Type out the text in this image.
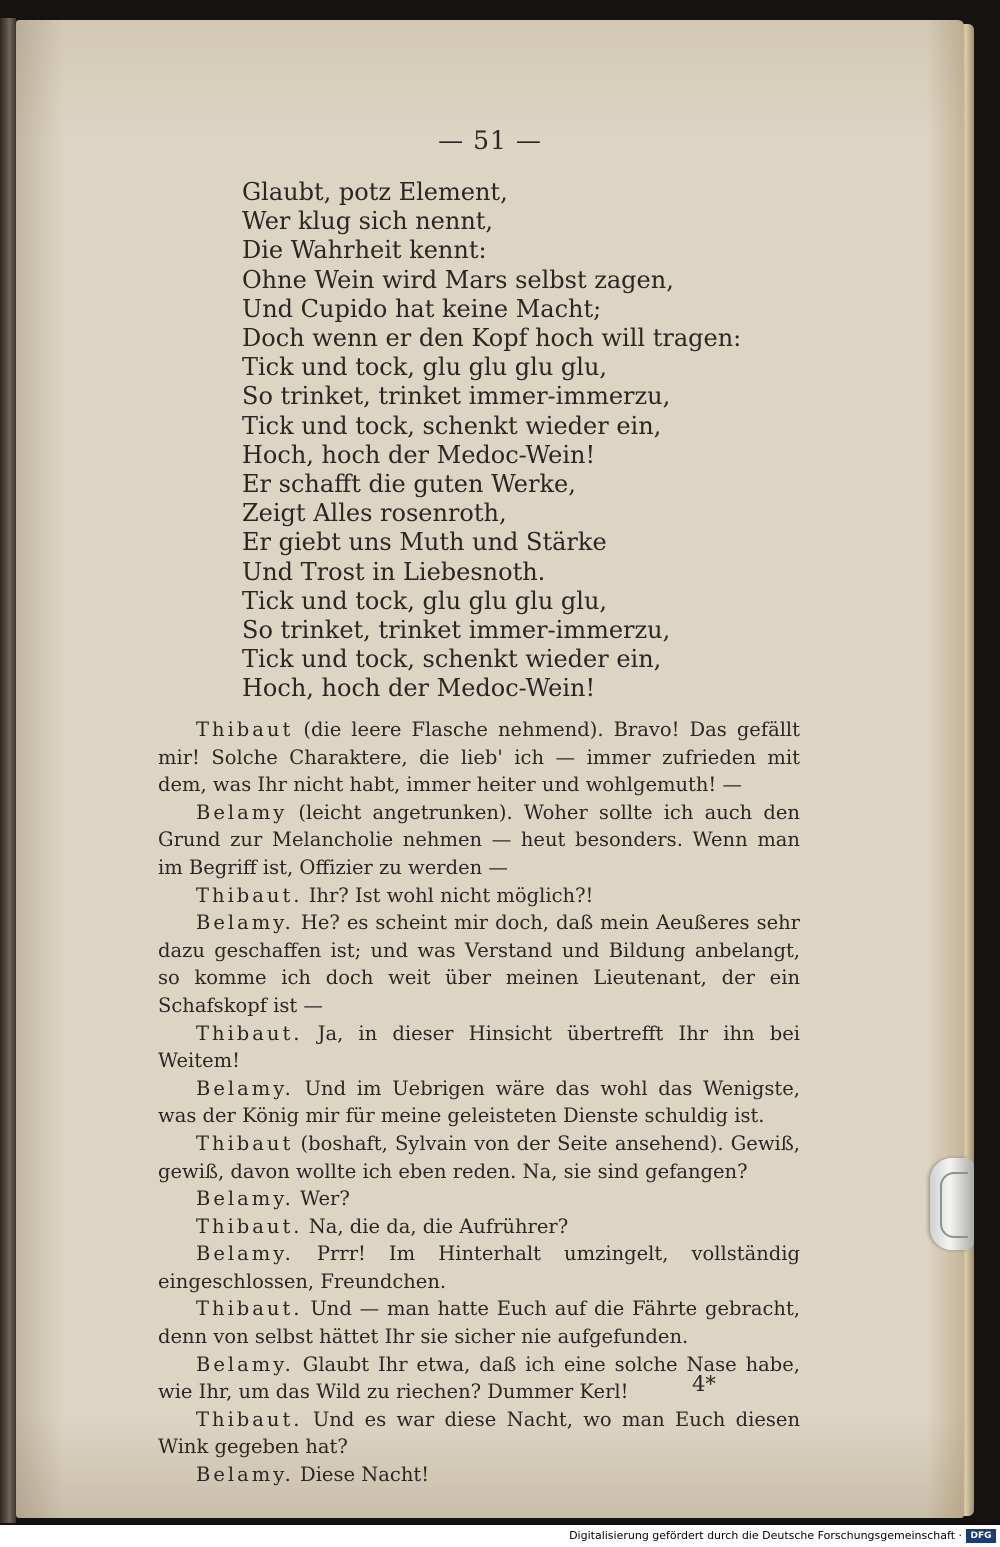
— 51 —
Glaubt, potz Element,
Wer klug sich nennt,
Die Wahrheit kennt:
Ohne Wein wird Mars selbst zagen,
Und Cupido hat keine Macht;
Doch wenn er den Kopf hoch will tragen:
Tick und tock, glu glu glu glu,
So trinket, trinket immer-immerzu,
Tick und tock, schenkt wieder ein,
Hoch, hoch der Medoc-Wein!
Er schafft die guten Werke,
Zeigt Alles rosenroth,
Er giebt uns Muth und Stärke
Und Trost in Liebesnoth.
Tick und tock, glu glu glu glu,
So trinket, trinket immer-immerzu,
Tick und tock, schenkt wieder ein,
Hoch, hoch der Medoc-Wein!

Thibaut (die leere Flasche nehmend). Bravo! Das gefällt mir! Solche Charaktere, die lieb' ich — immer zufrieden mit dem, was Ihr nicht habt, immer heiter und wohlgemuth! —

Belamy (leicht angetrunken). Woher sollte ich auch den Grund zur Melancholie nehmen — heut besonders. Wenn man im Begriff ist, Offizier zu werden —

Thibaut. Ihr? Ist wohl nicht möglich?!

Belamy. He? es scheint mir doch, daß mein Aeußeres sehr dazu geschaffen ist; und was Verstand und Bildung anbelangt, so komme ich doch weit über meinen Lieutenant, der ein Schafskopf ist —

Thibaut. Ja, in dieser Hinsicht übertrefft Ihr ihn bei Weitem!

Belamy. Und im Uebrigen wäre das wohl das Wenigste, was der König mir für meine geleisteten Dienste schuldig ist.

Thibaut (boshaft, Sylvain von der Seite ansehend). Gewiß, gewiß, davon wollte ich eben reden. Na, sie sind gefangen?

Belamy. Wer?

Thibaut. Na, die da, die Aufrührer?

Belamy. Prrr! Im Hinterhalt umzingelt, vollständig eingeschlossen, Freundchen.

Thibaut. Und — man hatte Euch auf die Fährte gebracht, denn von selbst hättet Ihr sie sicher nie aufgefunden.

Belamy. Glaubt Ihr etwa, daß ich eine solche Nase habe, wie Ihr, um das Wild zu riechen? Dummer Kerl!

Thibaut. Und es war diese Nacht, wo man Euch diesen Wink gegeben hat?

Belamy. Diese Nacht!

4*
Digitalisierung gefördert durch die Deutsche Forschungsgemeinschaft · DFG
